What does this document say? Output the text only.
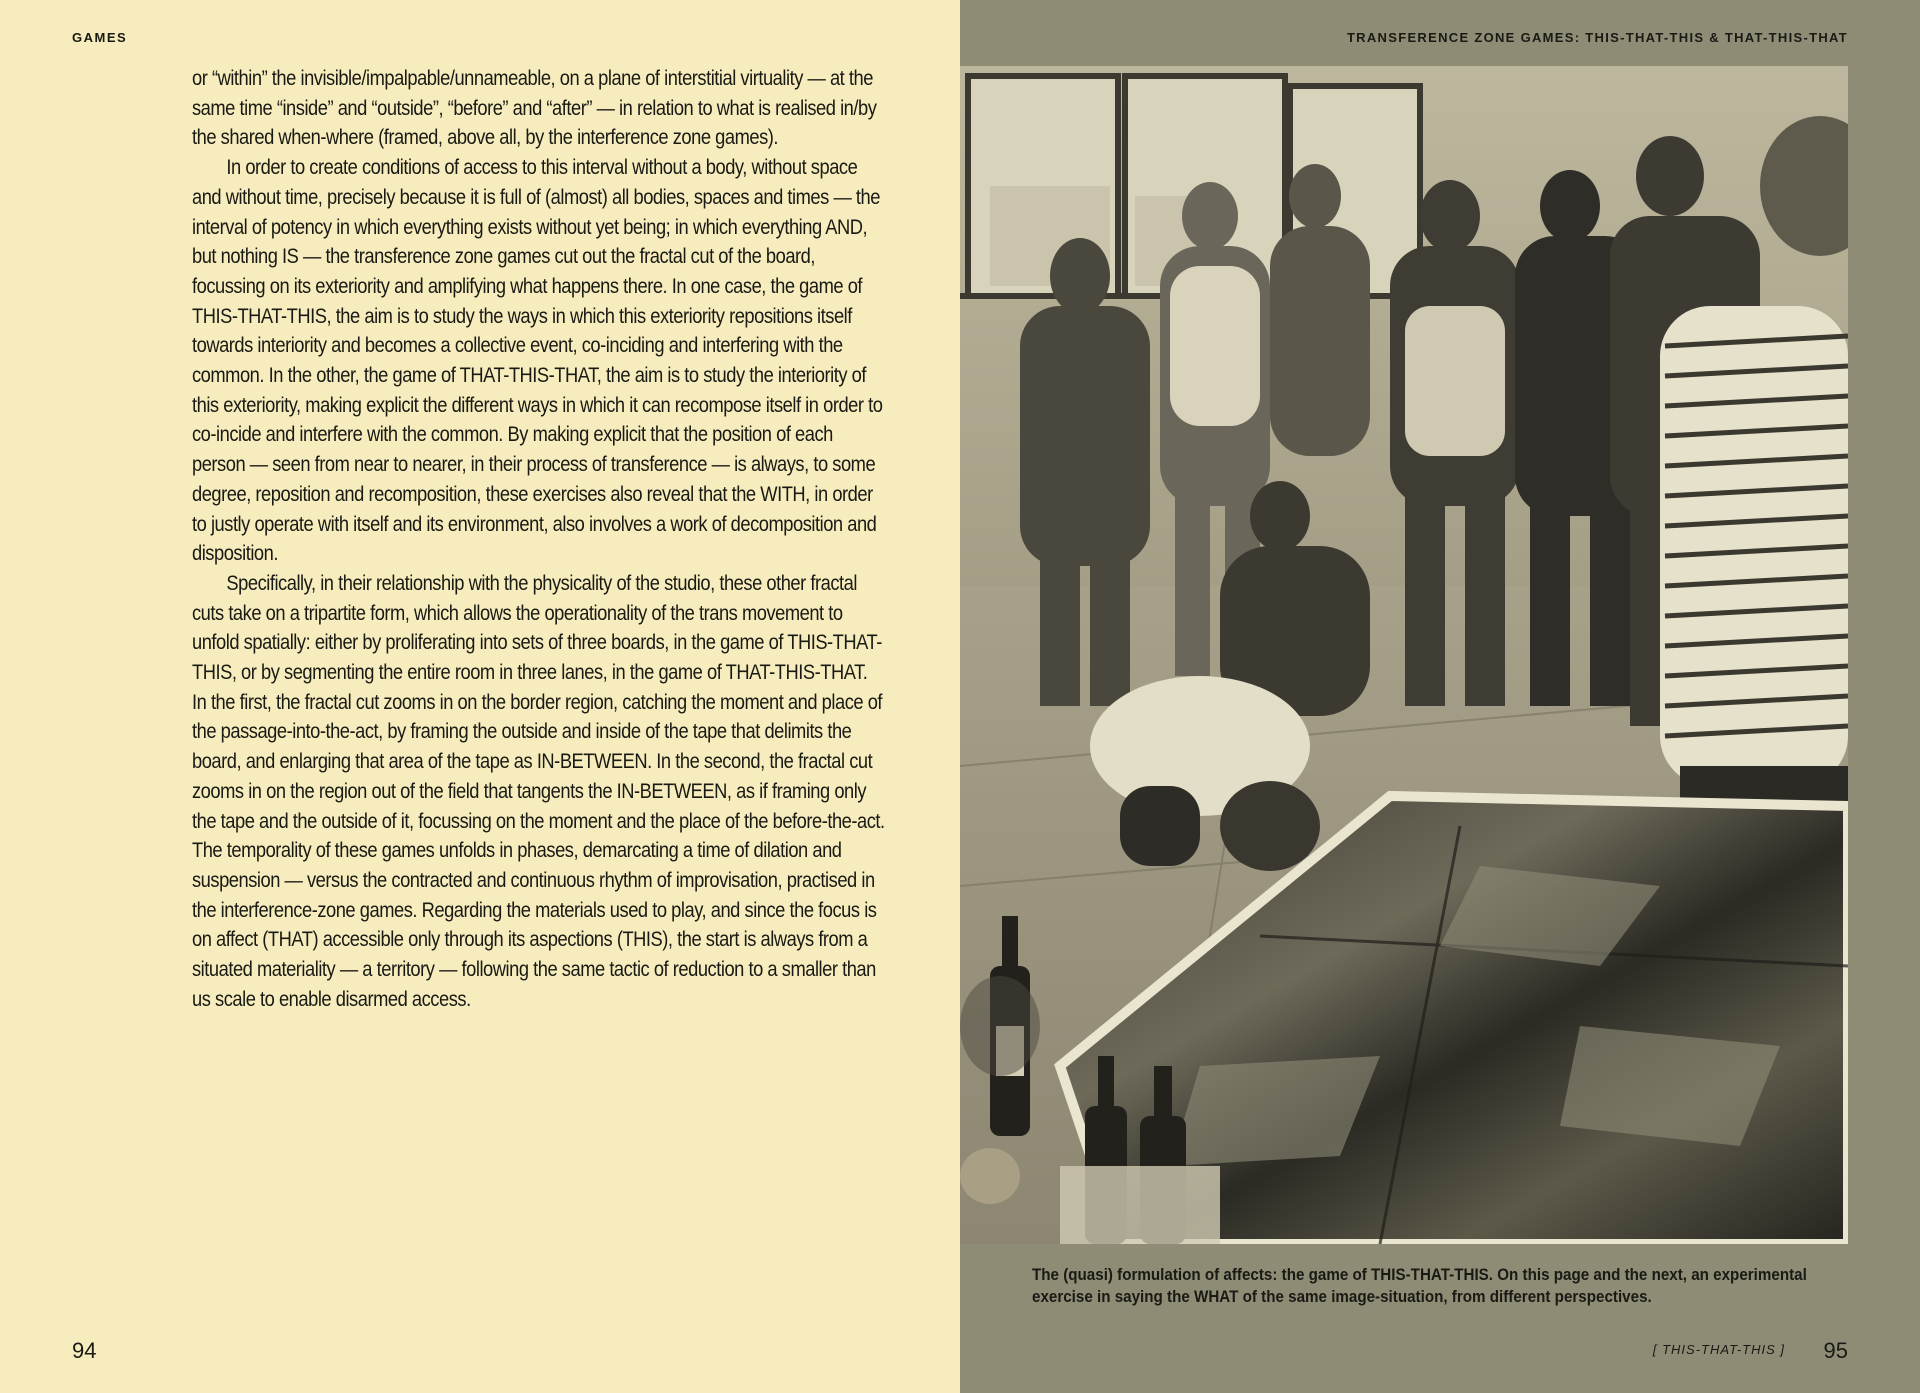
GAMES

or “within” the invisible/impalpable/unnameable, on a plane of interstitial virtuality — at the same time “inside” and “outside”, “before” and “after” — in relation to what is realised in/by the shared when-where (framed, above all, by the interference zone games).

In order to create conditions of access to this interval without a body, without space and without time, precisely because it is full of (almost) all bodies, spaces and times — the interval of potency in which everything exists without yet being; in which everything AND, but nothing IS — the transference zone games cut out the fractal cut of the board, focussing on its exteriority and amplifying what happens there. In one case, the game of THIS-THAT-THIS, the aim is to study the ways in which this exteriority repositions itself towards interiority and becomes a collective event, co-inciding and interfering with the common. In the other, the game of THAT-THIS-THAT, the aim is to study the interiority of this exteriority, making explicit the different ways in which it can recompose itself in order to co-incide and interfere with the common. By making explicit that the position of each person — seen from near to nearer, in their process of transference — is always, to some degree, reposition and recomposition, these exercises also reveal that the WITH, in order to justly operate with itself and its environment, also involves a work of decomposition and disposition.

Specifically, in their relationship with the physicality of the studio, these other fractal cuts take on a tripartite form, which allows the operationality of the trans movement to unfold spatially: either by proliferating into sets of three boards, in the game of THIS-THAT-THIS, or by segmenting the entire room in three lanes, in the game of THAT-THIS-THAT. In the first, the fractal cut zooms in on the border region, catching the moment and place of the passage-into-the-act, by framing the outside and inside of the tape that delimits the board, and enlarging that area of the tape as IN-BETWEEN. In the second, the fractal cut zooms in on the region out of the field that tangents the IN-BETWEEN, as if framing only the tape and the outside of it, focussing on the moment and the place of the before-the-act. The temporality of these games unfolds in phases, demarcating a time of dilation and suspension — versus the contracted and continuous rhythm of improvisation, practised in the interference-zone games. Regarding the materials used to play, and since the focus is on affect (THAT) accessible only through its aspections (THIS), the start is always from a situated materiality — a territory — following the same tactic of reduction to a smaller than us scale to enable disarmed access.

94
TRANSFERENCE ZONE GAMES: THIS-THAT-THIS & THAT-THIS-THAT
[ THIS-THAT-THIS ] 95
The (quasi) formulation of affects: the game of THIS-THAT-THIS. On this page and the next, an experimental exercise in saying the WHAT of the same image-situation, from different perspectives.
